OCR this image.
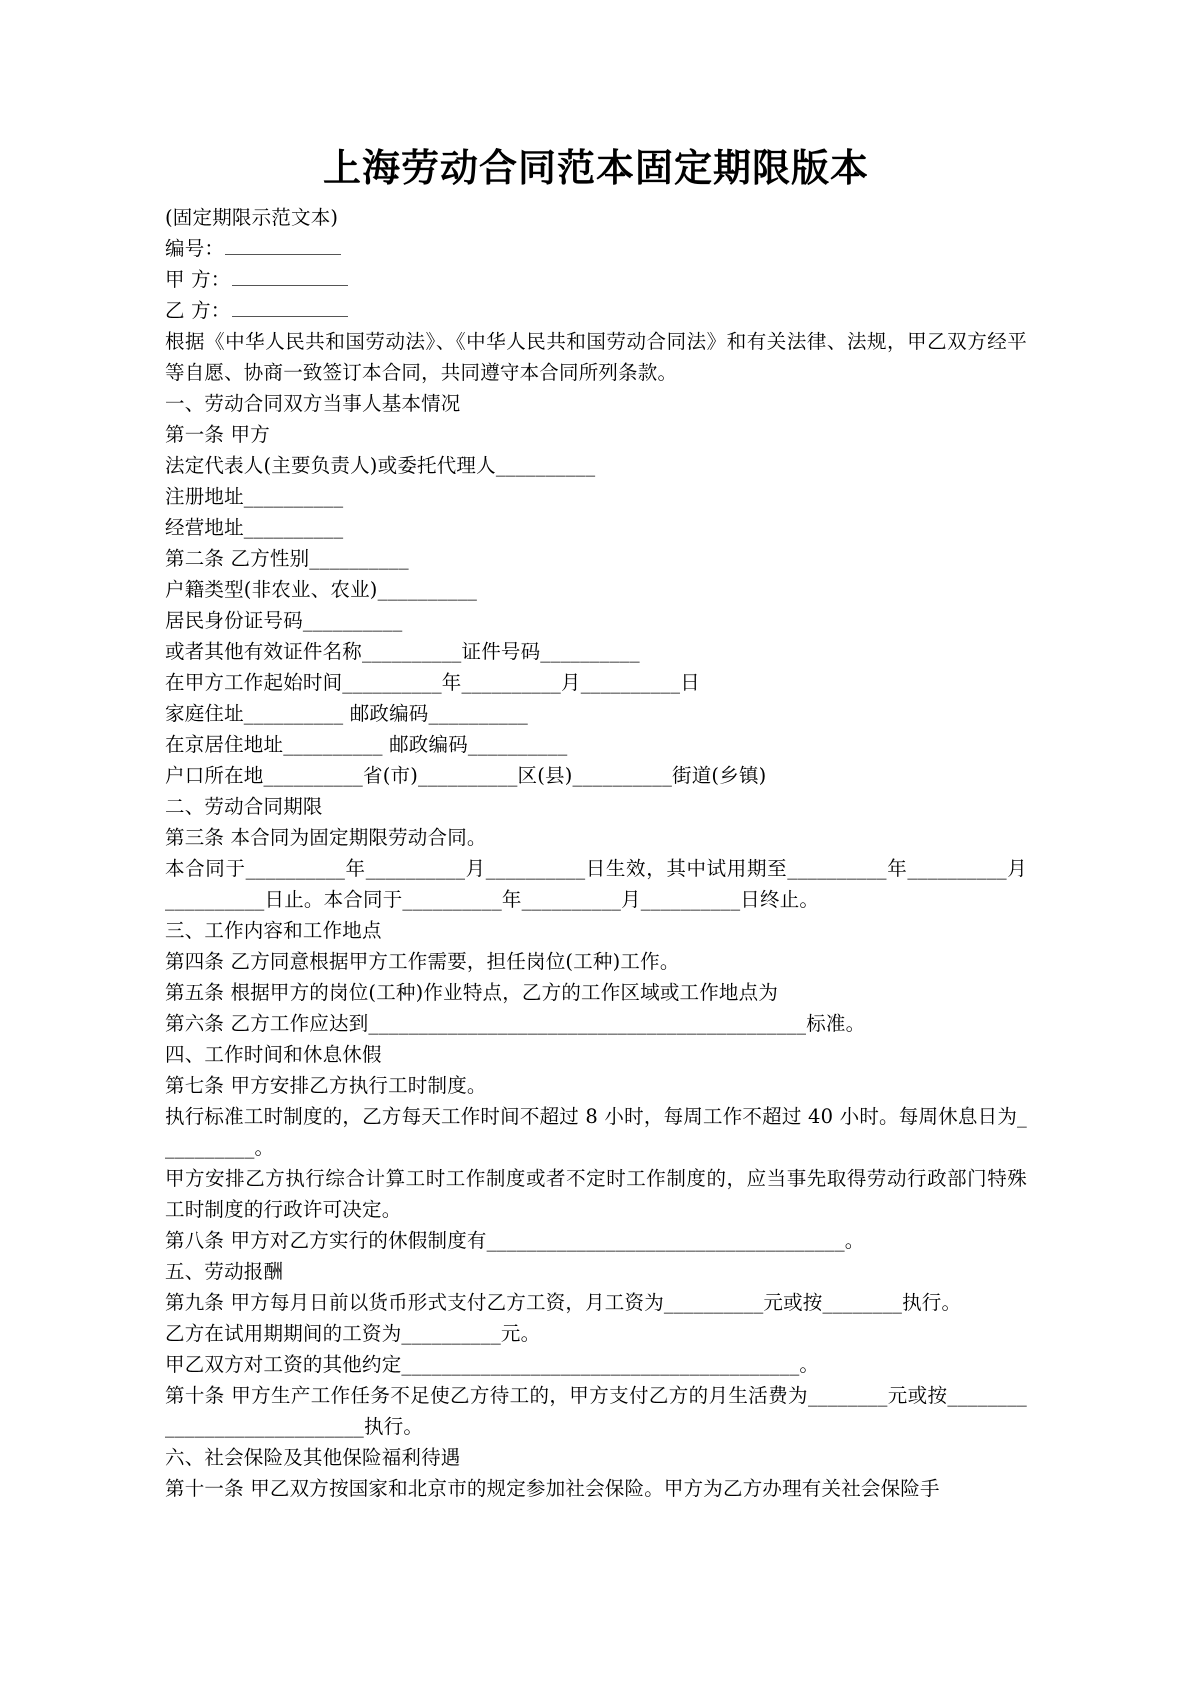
上海劳动合同范本固定期限版本

(固定期限示范文本)

编号：

甲 方：

乙 方：

根据《中华人民共和国劳动法》、《中华人民共和国劳动合同法》和有关法律、法规，甲乙双方经平等自愿、协商一致签订本合同，共同遵守本合同所列条款。

一、劳动合同双方当事人基本情况

第一条 甲方

法定代表人(主要负责人)或委托代理人__________

注册地址__________

经营地址__________

第二条 乙方性别__________

户籍类型(非农业、农业)__________

居民身份证号码__________

或者其他有效证件名称__________证件号码__________

在甲方工作起始时间__________年__________月__________日

家庭住址__________ 邮政编码__________

在京居住地址__________ 邮政编码__________

户口所在地__________省(市)__________区(县)__________街道(乡镇)

二、劳动合同期限

第三条 本合同为固定期限劳动合同。

本合同于__________年__________月__________日生效，其中试用期至__________年__________月__________日止。本合同于__________年__________月__________日终止。

三、工作内容和工作地点

第四条 乙方同意根据甲方工作需要，担任岗位(工种)工作。

第五条 根据甲方的岗位(工种)作业特点，乙方的工作区域或工作地点为

第六条 乙方工作应达到____________________________________________标准。

四、工作时间和休息休假

第七条 甲方安排乙方执行工时制度。

执行标准工时制度的，乙方每天工作时间不超过 8 小时，每周工作不超过 40 小时。每周休息日为__________。

甲方安排乙方执行综合计算工时工作制度或者不定时工作制度的，应当事先取得劳动行政部门特殊工时制度的行政许可决定。

第八条 甲方对乙方实行的休假制度有____________________________________。

五、劳动报酬

第九条 甲方每月日前以货币形式支付乙方工资，月工资为__________元或按________执行。

乙方在试用期期间的工资为__________元。

甲乙双方对工资的其他约定________________________________________。

第十条 甲方生产工作任务不足使乙方待工的，甲方支付乙方的月生活费为________元或按____________________________执行。

六、社会保险及其他保险福利待遇

第十一条 甲乙双方按国家和北京市的规定参加社会保险。甲方为乙方办理有关社会保险手
